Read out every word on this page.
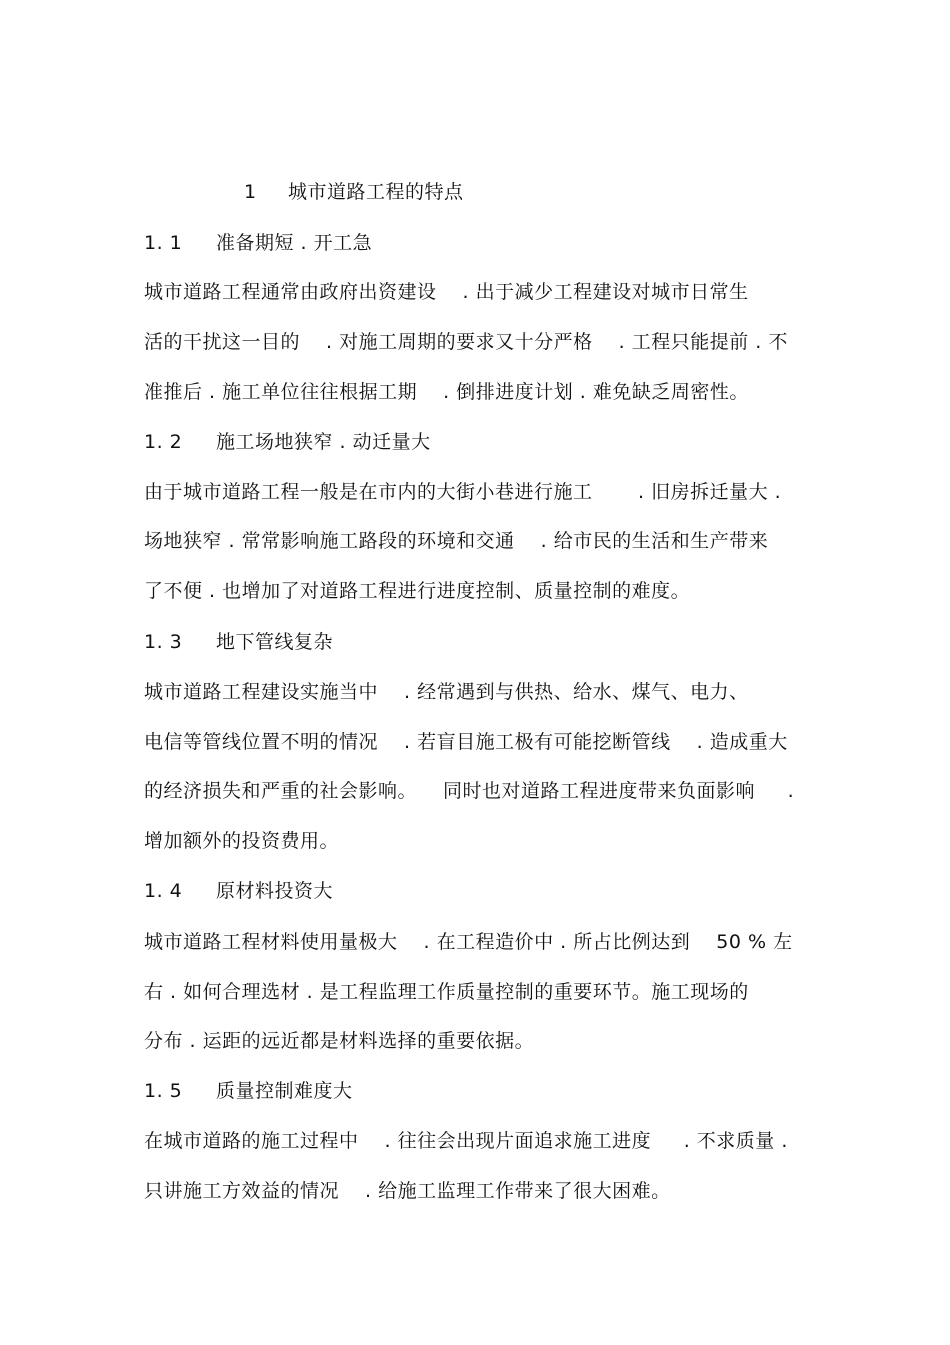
1 城市道路工程的特点
1. 1 准备期短 . 开工急
城市道路工程通常由政府出资建设 　. 出于减少工程建设对城市日常生
活的干扰这一目的 　. 对施工周期的要求又十分严格 　. 工程只能提前 . 不
准推后 . 施工单位往往根据工期 　. 倒排进度计划 . 难免缺乏周密性。
1. 2 施工场地狭窄 . 动迁量大
由于城市道路工程一般是在市内的大街小巷进行施工 　　. 旧房拆迁量大 .
场地狭窄 . 常常影响施工路段的环境和交通 　. 给市民的生活和生产带来
了不便 . 也增加了对道路工程进行进度控制、质量控制的难度。
1. 3 地下管线复杂
城市道路工程建设实施当中 　. 经常遇到与供热、给水、煤气、电力、
电信等管线位置不明的情况 　. 若盲目施工极有可能挖断管线 　. 造成重大
的经济损失和严重的社会影响。 　同时也对道路工程进度带来负面影响 　 .
增加额外的投资费用。
1. 4 原材料投资大
城市道路工程材料使用量极大 　. 在工程造价中 . 所占比例达到 　50 % 左
右 . 如何合理选材 . 是工程监理工作质量控制的重要环节。施工现场的
分布 . 运距的远近都是材料选择的重要依据。
1. 5 质量控制难度大
在城市道路的施工过程中 　. 往往会出现片面追求施工进度 　 . 不求质量 .
只讲施工方效益的情况 　. 给施工监理工作带来了很大困难。
